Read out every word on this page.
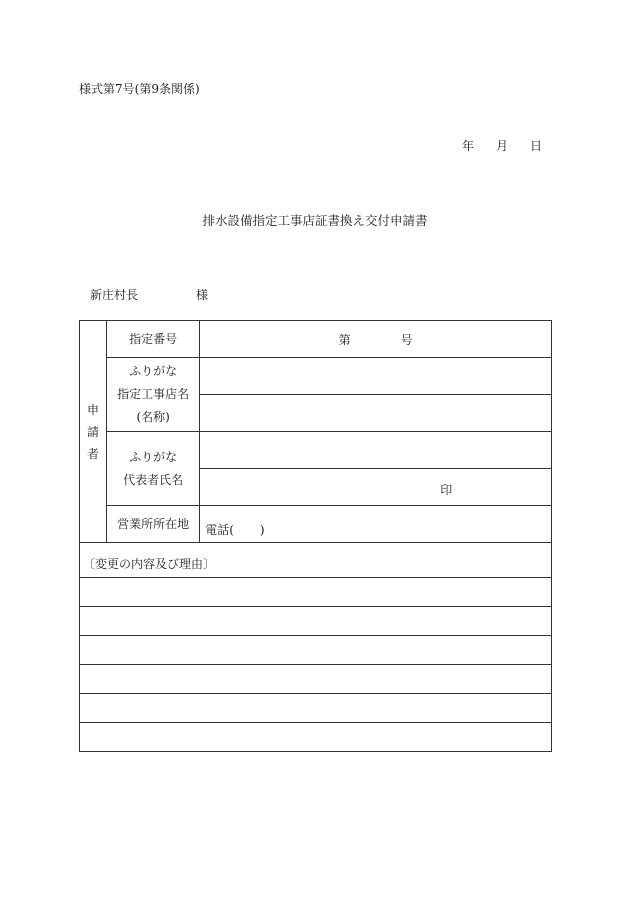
様式第7号(第9条関係)
年 月 日
排水設備指定工事店証書換え交付申請書
新庄村長	様
申
請
者	指定番号	第 号

	ふりがな
指定工事店名
(名称)	

	ふりがな
代表者氏名	

		印

	営業所所在地	電話( )

〔変更の内容及び理由〕		
